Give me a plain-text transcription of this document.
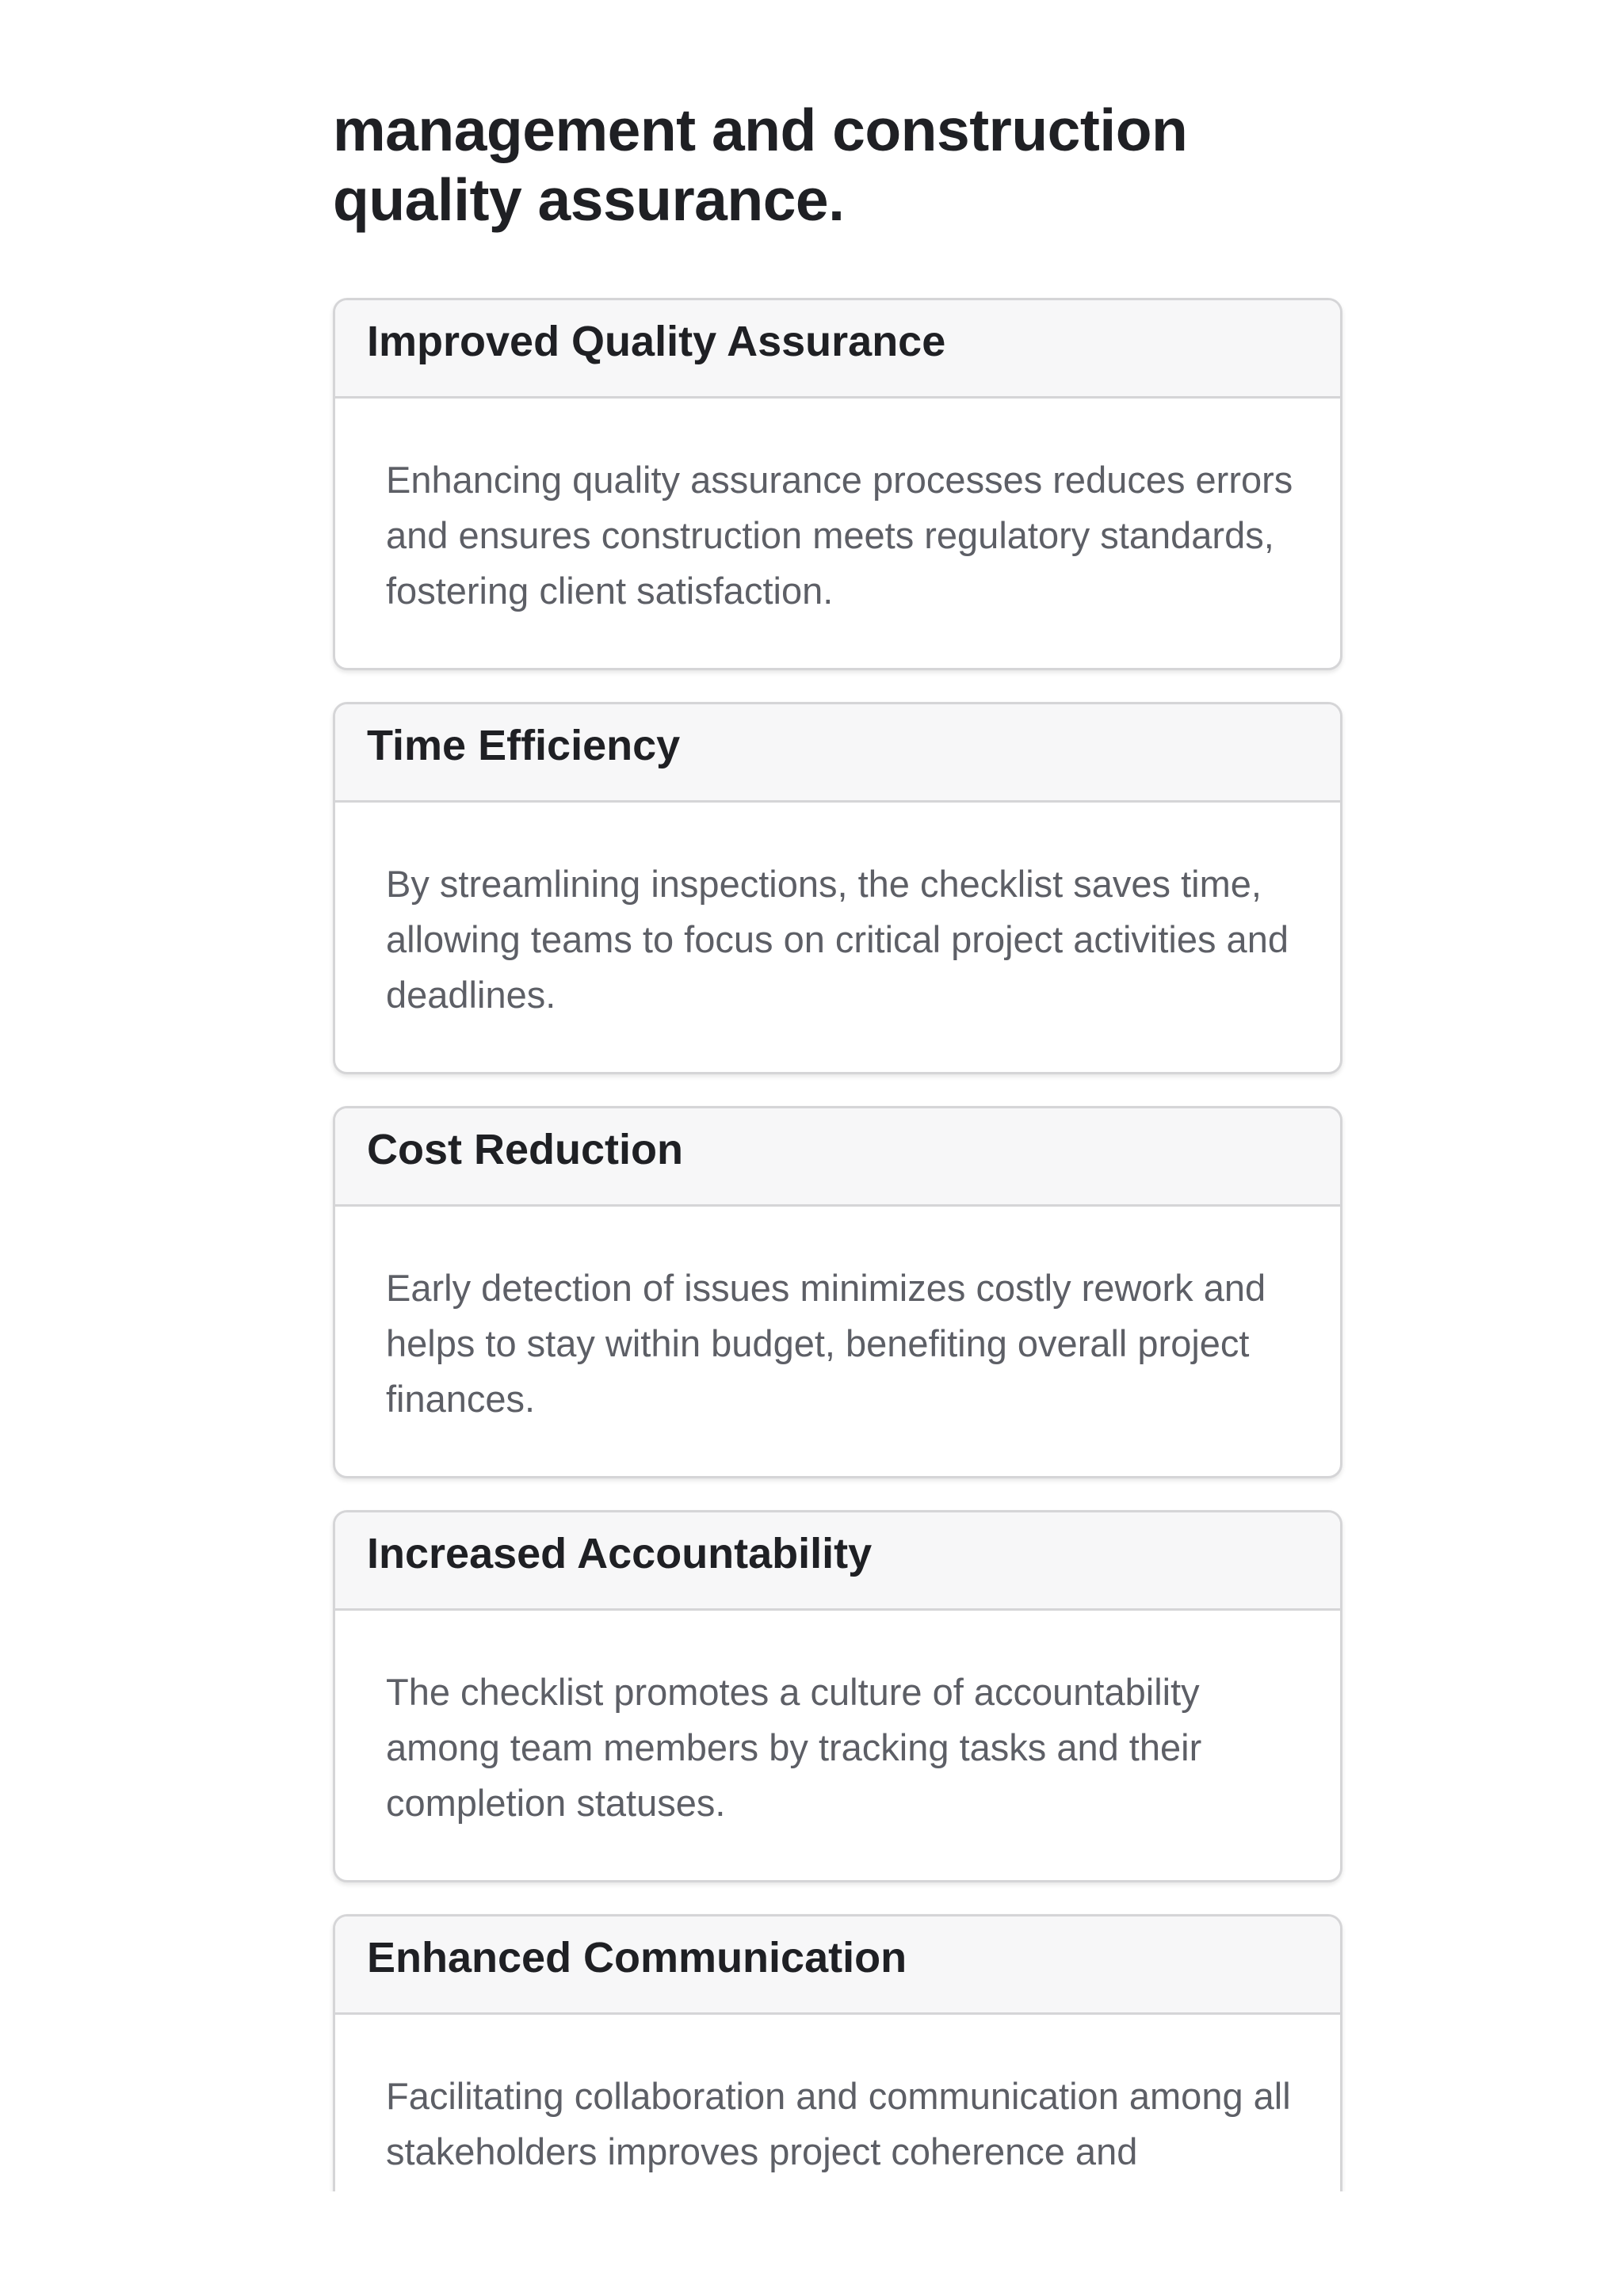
management and construction quality assurance.
Improved Quality Assurance
Enhancing quality assurance processes reduces errors and ensures construction meets regulatory standards, fostering client satisfaction.
Time Efficiency
By streamlining inspections, the checklist saves time, allowing teams to focus on critical project activities and deadlines.
Cost Reduction
Early detection of issues minimizes costly rework and helps to stay within budget, benefiting overall project finances.
Increased Accountability
The checklist promotes a culture of accountability among team members by tracking tasks and their completion statuses.
Enhanced Communication
Facilitating collaboration and communication among all stakeholders improves project coherence and
